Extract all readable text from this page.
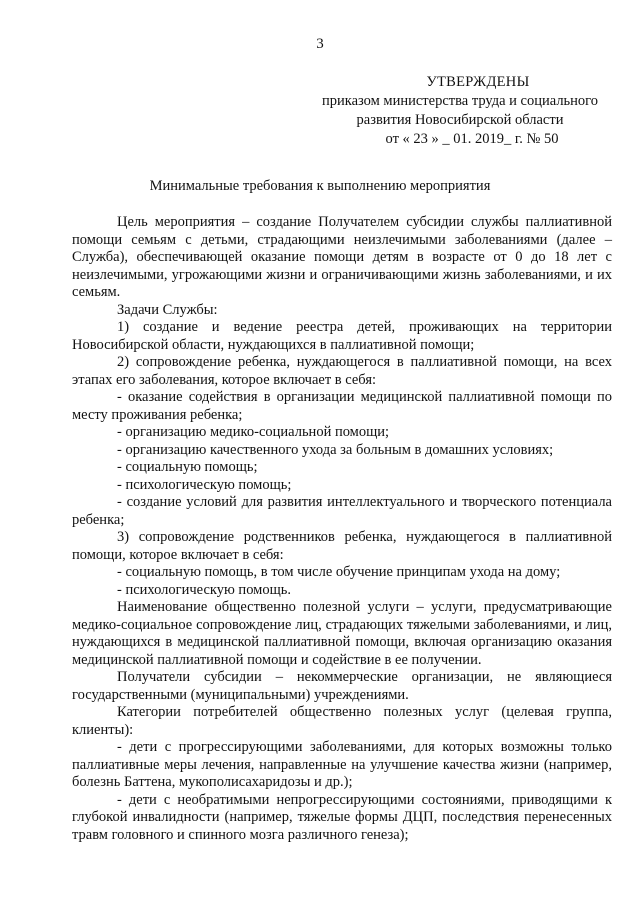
3
УТВЕРЖДЕНЫ
приказом министерства труда и социального
развития Новосибирской области
от « 23 » _ 01. 2019_ г. № 50
Минимальные требования к выполнению мероприятия

Цель мероприятия – создание Получателем субсидии службы паллиативной помощи семьям с детьми, страдающими неизлечимыми заболеваниями (далее – Служба), обеспечивающей оказание помощи детям в возрасте от 0 до 18 лет с неизлечимыми, угрожающими жизни и ограничивающими жизнь заболеваниями, и их семьям.

Задачи Службы:

1) создание и ведение реестра детей, проживающих на территории Новосибирской области, нуждающихся в паллиативной помощи;

2) сопровождение ребенка, нуждающегося в паллиативной помощи, на всех этапах его заболевания, которое включает в себя:

- оказание содействия в организации медицинской паллиативной помощи по месту проживания ребенка;

- организацию медико-социальной помощи;

- организацию качественного ухода за больным в домашних условиях;

- социальную помощь;

- психологическую помощь;

- создание условий для развития интеллектуального и творческого потенциала ребенка;

3) сопровождение родственников ребенка, нуждающегося в паллиативной помощи, которое включает в себя:

- социальную помощь, в том числе обучение принципам ухода на дому;

- психологическую помощь.

Наименование общественно полезной услуги – услуги, предусматривающие медико-социальное сопровождение лиц, страдающих тяжелыми заболеваниями, и лиц, нуждающихся в медицинской паллиативной помощи, включая организацию оказания медицинской паллиативной помощи и содействие в ее получении.

Получатели субсидии – некоммерческие организации, не являющиеся государственными (муниципальными) учреждениями.

Категории потребителей общественно полезных услуг (целевая группа, клиенты):

- дети с прогрессирующими заболеваниями, для которых возможны только паллиативные меры лечения, направленные на улучшение качества жизни (например, болезнь Баттена, мукополисахаридозы и др.);

- дети с необратимыми непрогрессирующими состояниями, приводящими к глубокой инвалидности (например, тяжелые формы ДЦП, последствия перенесенных травм головного и спинного мозга различного генеза);
